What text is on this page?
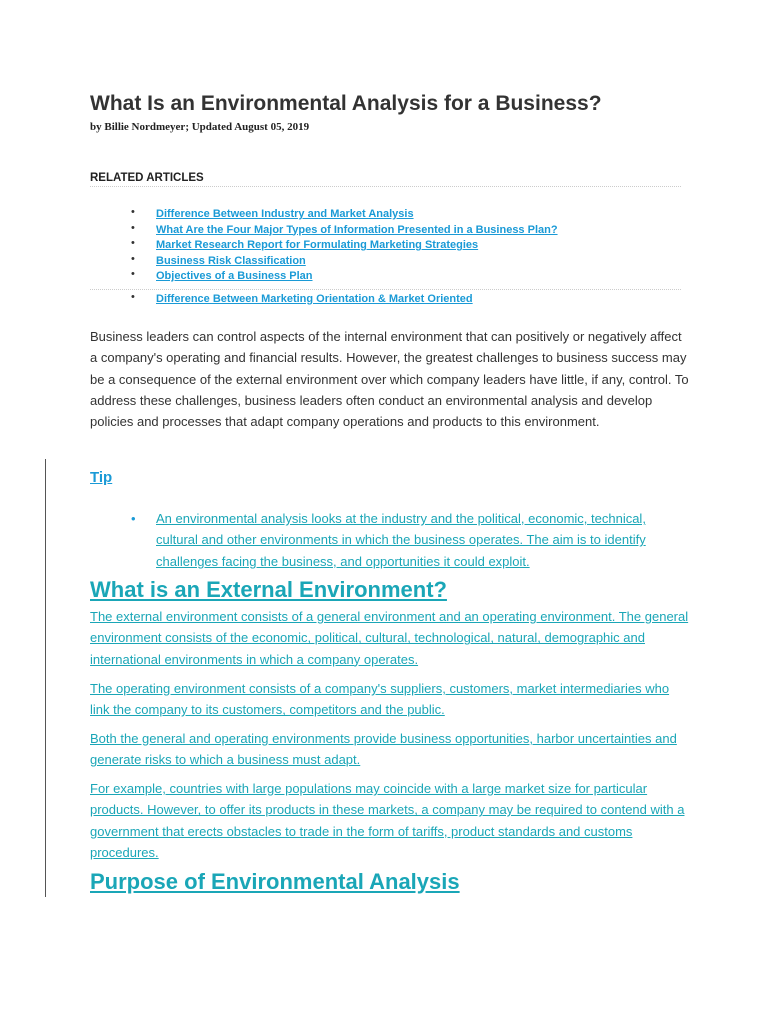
What Is an Environmental Analysis for a Business?

by Billie Nordmeyer; Updated August 05, 2019

RELATED ARTICLES

• Difference Between Industry and Market Analysis
• What Are the Four Major Types of Information Presented in a Business Plan?
• Market Research Report for Formulating Marketing Strategies
• Business Risk Classification
• Objectives of a Business Plan
• Difference Between Marketing Orientation & Market Oriented

Business leaders can control aspects of the internal environment that can positively or negatively affect a company's operating and financial results. However, the greatest challenges to business success may be a consequence of the external environment over which company leaders have little, if any, control. To address these challenges, business leaders often conduct an environmental analysis and develop policies and processes that adapt company operations and products to this environment.

Tip

• An environmental analysis looks at the industry and the political, economic, technical, cultural and other environments in which the business operates. The aim is to identify challenges facing the business, and opportunities it could exploit.

What is an External Environment?

The external environment consists of a general environment and an operating environment. The general environment consists of the economic, political, cultural, technological, natural, demographic and international environments in which a company operates.

The operating environment consists of a company's suppliers, customers, market intermediaries who link the company to its customers, competitors and the public.

Both the general and operating environments provide business opportunities, harbor uncertainties and generate risks to which a business must adapt.

For example, countries with large populations may coincide with a large market size for particular products. However, to offer its products in these markets, a company may be required to contend with a government that erects obstacles to trade in the form of tariffs, product standards and customs procedures.

Purpose of Environmental Analysis
